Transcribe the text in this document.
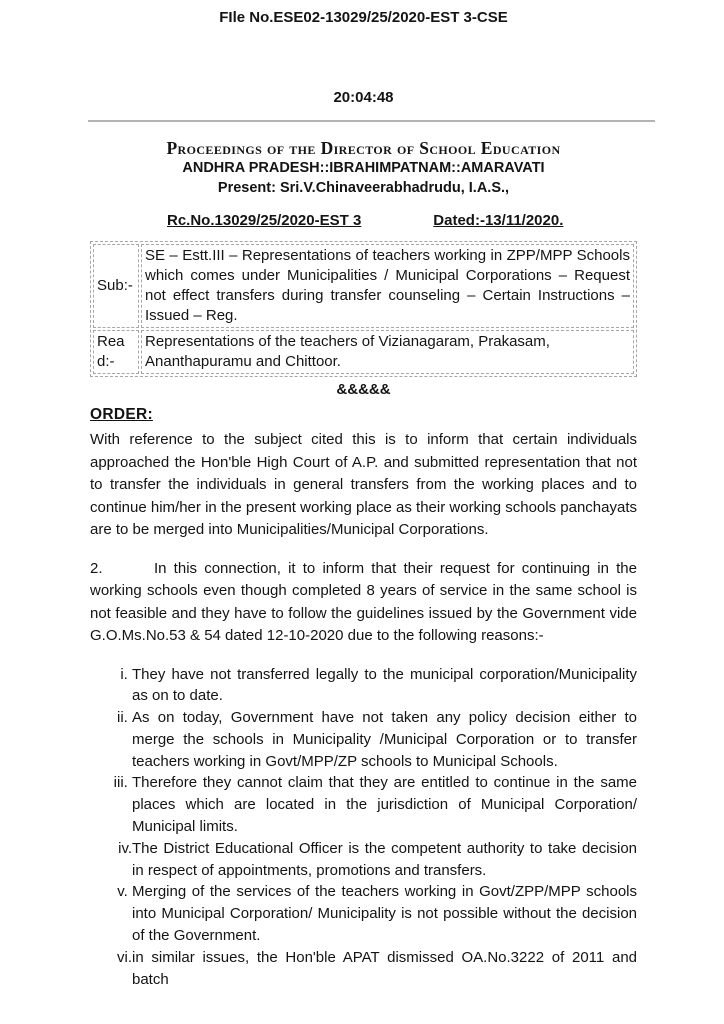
FIle No.ESE02-13029/25/2020-EST 3-CSE
20:04:48
Proceedings of the Director of School Education
ANDHRA PRADESH::IBRAHIMPATNAM::AMARAVATI
Present: Sri.V.Chinaveerabhadrudu, I.A.S.,
Rc.No.13029/25/2020-EST 3	Dated:-13/11/2020.
Sub:-	SE – Estt.III – Representations of teachers working in ZPP/MPP Schools which comes under Municipalities / Municipal Corporations – Request not effect transfers during transfer counseling – Certain Instructions – Issued – Reg.
Read:-	Representations of the teachers of Vizianagaram, Prakasam, Ananthapuramu and Chittoor.
&&&&&
ORDER:

With reference to the subject cited this is to inform that certain individuals approached the Hon'ble High Court of A.P. and submitted representation that not to transfer the individuals in general transfers from the working places and to continue him/her in the present working place as their working schools panchayats are to be merged into Municipalities/Municipal Corporations.

2.	In this connection, it to inform that their request for continuing in the working schools even though completed 8 years of service in the same school is not feasible and they have to follow the guidelines issued by the Government vide G.O.Ms.No.53 & 54 dated 12-10-2020 due to the following reasons:-

i. They have not transferred legally to the municipal corporation/Municipality as on to date.
ii. As on today, Government have not taken any policy decision either to merge the schools in Municipality /Municipal Corporation or to transfer teachers working in Govt/MPP/ZP schools to Municipal Schools.
iii. Therefore they cannot claim that they are entitled to continue in the same places which are located in the jurisdiction of Municipal Corporation/ Municipal limits.
iv. The District Educational Officer is the competent authority to take decision in respect of appointments, promotions and transfers.
v. Merging of the services of the teachers working in Govt/ZPP/MPP schools into Municipal Corporation/ Municipality is not possible without the decision of the Government.
vi. in similar issues, the Hon'ble APAT dismissed OA.No.3222 of 2011 and batch
